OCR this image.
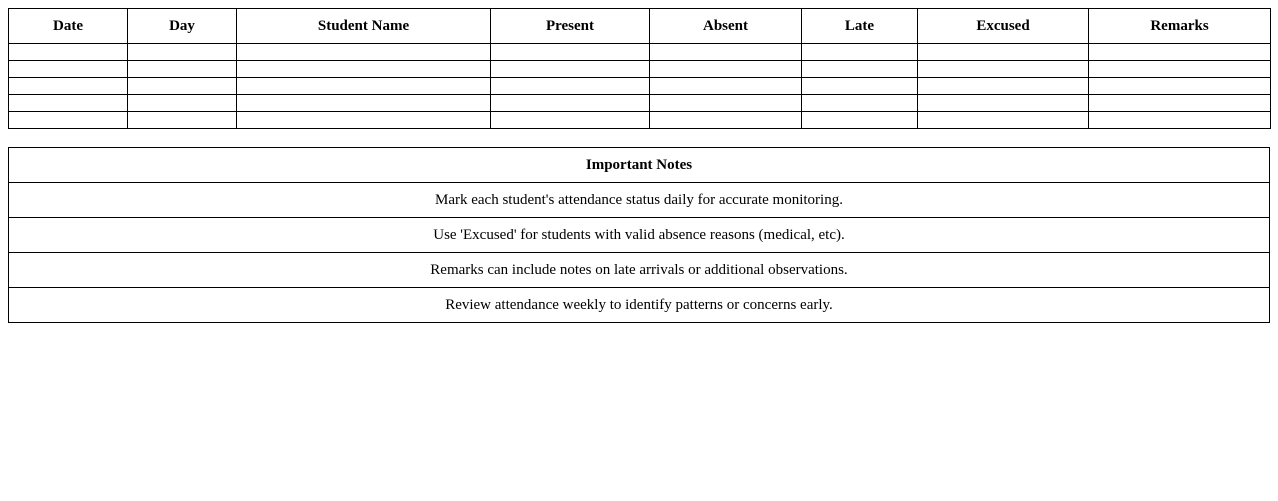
Date	Day	Student Name	Present	Absent	Late	Excused	Remarks

Important Notes
Mark each student's attendance status daily for accurate monitoring.
Use 'Excused' for students with valid absence reasons (medical, etc).
Remarks can include notes on late arrivals or additional observations.
Review attendance weekly to identify patterns or concerns early.
